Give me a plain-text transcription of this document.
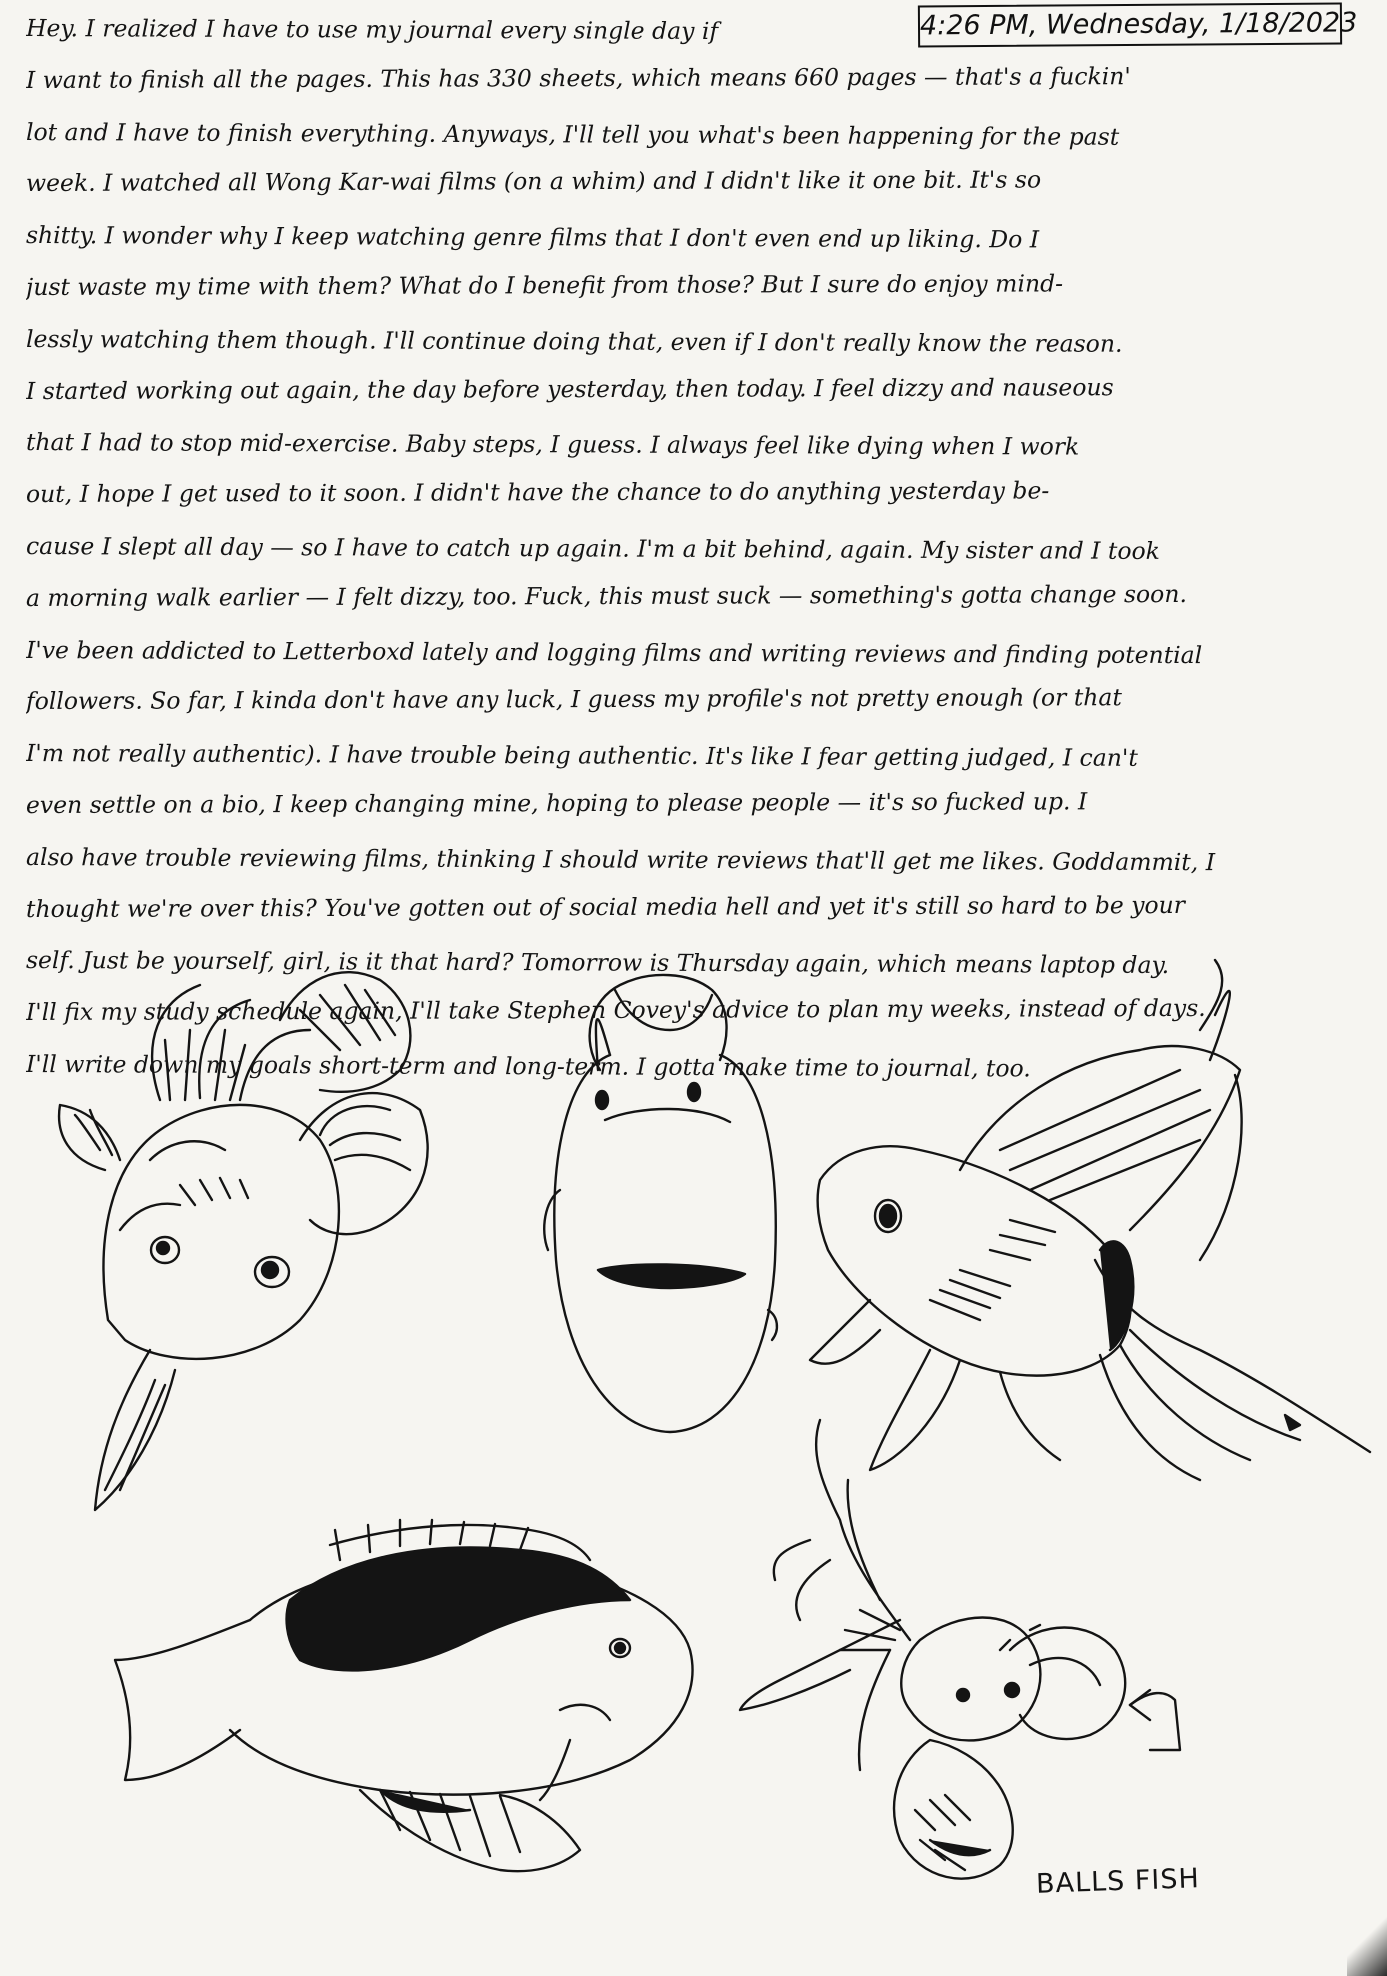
4:26 PM, Wednesday, 1/18/2023
Hey. I realized I have to use my journal every single day if
I want to finish all the pages. This has 330 sheets, which means 660 pages — that's a fuckin'
lot and I have to finish everything. Anyways, I'll tell you what's been happening for the past
week. I watched all Wong Kar-wai films (on a whim) and I didn't like it one bit. It's so
shitty. I wonder why I keep watching genre films that I don't even end up liking. Do I
just waste my time with them? What do I benefit from those? But I sure do enjoy mind-
lessly watching them though. I'll continue doing that, even if I don't really know the reason.
I started working out again, the day before yesterday, then today. I feel dizzy and nauseous
that I had to stop mid-exercise. Baby steps, I guess. I always feel like dying when I work
out, I hope I get used to it soon. I didn't have the chance to do anything yesterday be-
cause I slept all day — so I have to catch up again. I'm a bit behind, again. My sister and I took
a morning walk earlier — I felt dizzy, too. Fuck, this must suck — something's gotta change soon.
I've been addicted to Letterboxd lately and logging films and writing reviews and finding potential
followers. So far, I kinda don't have any luck, I guess my profile's not pretty enough (or that
I'm not really authentic). I have trouble being authentic. It's like I fear getting judged, I can't
even settle on a bio, I keep changing mine, hoping to please people — it's so fucked up. I
also have trouble reviewing films, thinking I should write reviews that'll get me likes. Goddammit, I
thought we're over this? You've gotten out of social media hell and yet it's still so hard to be your
self. Just be yourself, girl, is it that hard? Tomorrow is Thursday again, which means laptop day.
I'll fix my study schedule again, I'll take Stephen Covey's advice to plan my weeks, instead of days.
I'll write down my goals short-term and long-term. I gotta make time to journal, too.
BALLS FISH
